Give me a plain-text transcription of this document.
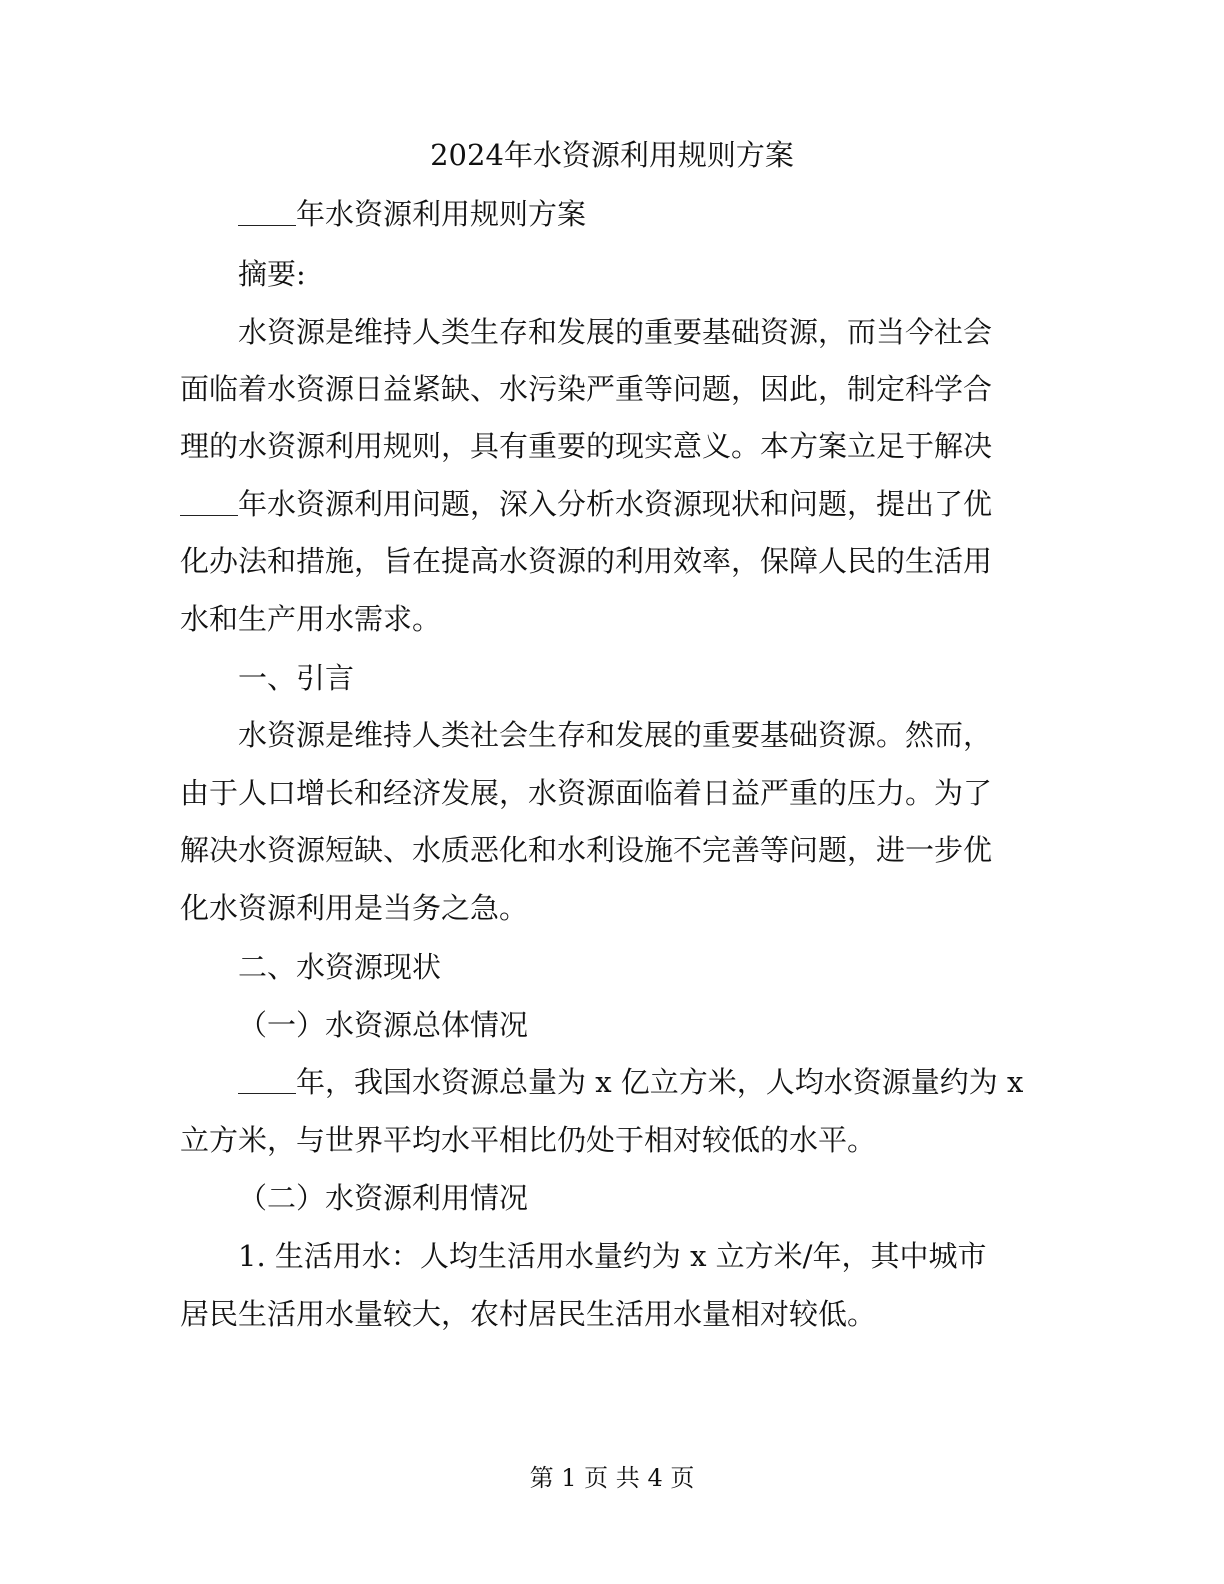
2024年水资源利用规则方案
年水资源利用规则方案
摘要:
水资源是维持人类生存和发展的重要基础资源，而当今社会
面临着水资源日益紧缺、水污染严重等问题，因此，制定科学合
理的水资源利用规则，具有重要的现实意义。本方案立足于解决
年水资源利用问题，深入分析水资源现状和问题，提出了优
化办法和措施，旨在提高水资源的利用效率，保障人民的生活用
水和生产用水需求。
一、引言
水资源是维持人类社会生存和发展的重要基础资源。然而，
由于人口增长和经济发展，水资源面临着日益严重的压力。为了
解决水资源短缺、水质恶化和水利设施不完善等问题，进一步优
化水资源利用是当务之急。
二、水资源现状
（一）水资源总体情况
年，我国水资源总量为 x 亿立方米，人均水资源量约为 x
立方米，与世界平均水平相比仍处于相对较低的水平。
（二）水资源利用情况
1. 生活用水：人均生活用水量约为 x 立方米/年，其中城市
居民生活用水量较大，农村居民生活用水量相对较低。
第 1 页 共 4 页
